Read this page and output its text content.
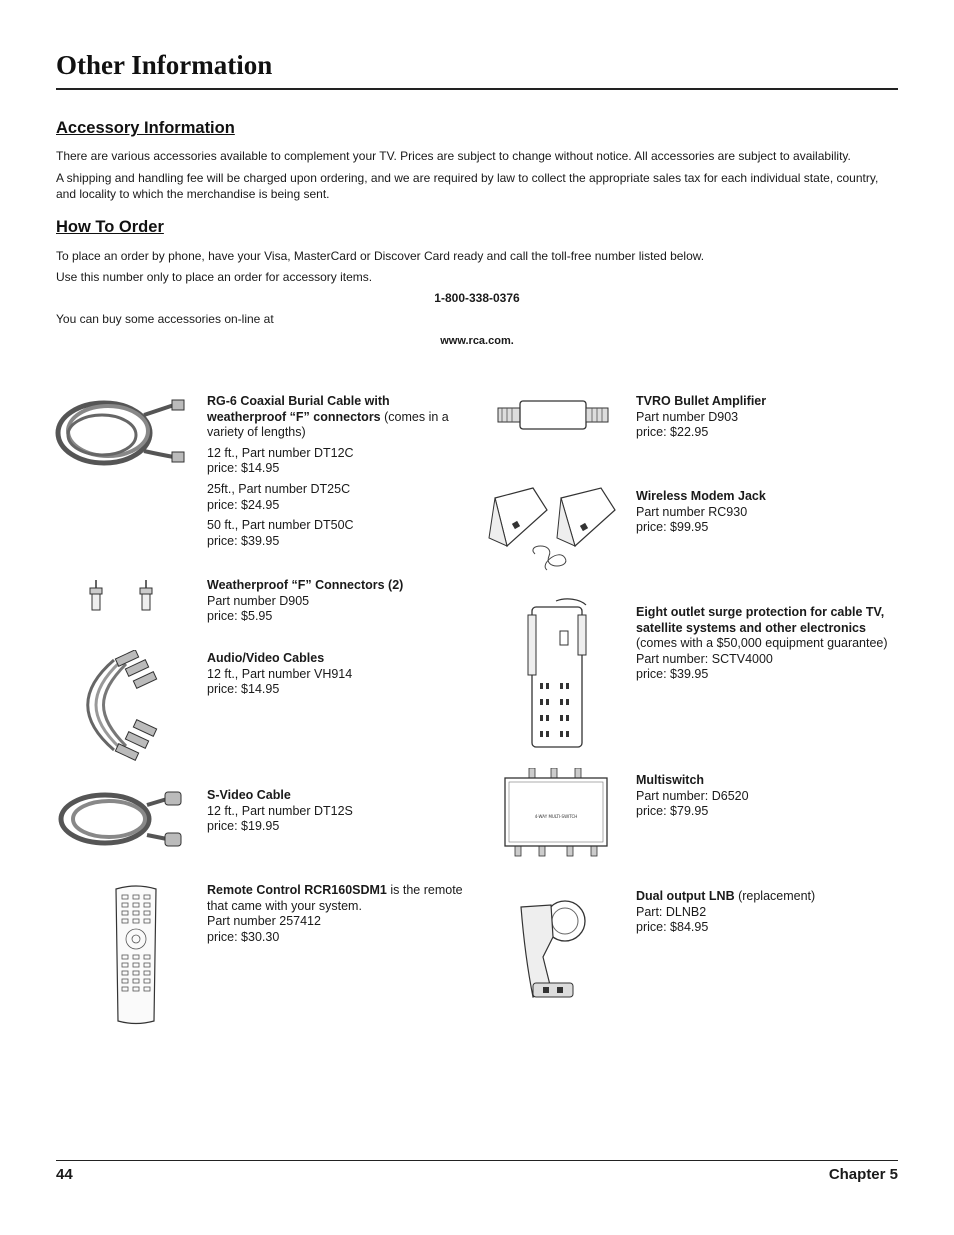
Other Information
Accessory Information

There are various accessories available to complement your TV. Prices are subject to change without notice. All accessories are subject to availability.

A shipping and handling fee will be charged upon ordering, and we are required by law to collect the appropriate sales tax for each individual state, country, and locality to which the merchandise is being sent.

How To Order

To place an order by phone, have your Visa, MasterCard or Discover Card ready and call the toll-free number listed below.

Use this number only to place an order for accessory items.

1-800-338-0376

You can buy some accessories on-line at

www.rca.com.
RG-6 Coaxial Burial Cable with weatherproof “F” connectors (comes in a variety of lengths)
12 ft., Part number DT12C
price: $14.95
25ft., Part number DT25C
price: $24.95
50 ft., Part number DT50C
price: $39.95
Weatherproof “F” Connectors (2)
Part number D905
price: $5.95
Audio/Video Cables
12 ft., Part number VH914
price: $14.95
S-Video Cable
12 ft., Part number DT12S
price: $19.95
Remote Control RCR160SDM1 is the remote that came with your system.
Part number 257412
price: $30.30
TVRO Bullet Amplifier
Part number D903
price: $22.95
Wireless Modem Jack
Part number RC930
price: $99.95
Eight outlet surge protection for cable TV, satellite systems and other electronics
(comes with a $50,000 equipment guarantee)
Part number: SCTV4000
price: $39.95
4-WAY MULTI-SWITCH
Multiswitch
Part number: D6520
price: $79.95
Dual output LNB (replacement)
Part: DLNB2
price: $84.95
44	Chapter 5
